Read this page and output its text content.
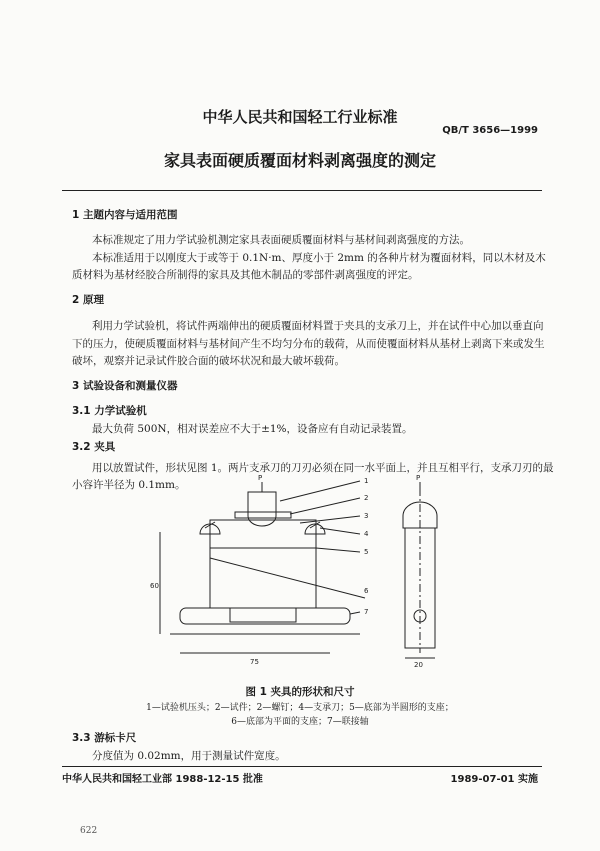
中华人民共和国轻工行业标准
QB/T 3656—1999
家具表面硬质覆面材料剥离强度的测定
1 主题内容与适用范围
本标准规定了用力学试验机测定家具表面硬质覆面材料与基材间剥离强度的方法。
本标准适用于以刚度大于或等于 0.1N·m、厚度小于 2mm 的各种片材为覆面材料，同以木材及木
质材料为基材经胶合所制得的家具及其他木制品的零部件剥离强度的评定。
2 原理
利用力学试验机，将试件两端伸出的硬质覆面材料置于夹具的支承刀上，并在试件中心加以垂直向
下的压力，使硬质覆面材料与基材间产生不均匀分布的载荷，从而使覆面材料从基材上剥离下来或发生
破坏，观察并记录试件胶合面的破坏状况和最大破坏载荷。
3 试验设备和测量仪器
3.1 力学试验机
最大负荷 500N，相对误差应不大于±1%，设备应有自动记录装置。
3.2 夹具
用以放置试件，形状见图 1。两片支承刀的刀刃必须在同一水平面上，并且互相平行，支承刀刃的最
小容许半径为 0.1mm。
P
60
75
1
2
3
4
5
6
7
P
20
图 1 夹具的形状和尺寸
1—试验机压头；2—试件；2—螺钉；4—支承刀；5—底部为半圆形的支座；
6—底部为平面的支座；7—联接轴
3.3 游标卡尺
分度值为 0.02mm，用于测量试件宽度。
中华人民共和国轻工业部 1988-12-15 批准	1989-07-01 实施
622
